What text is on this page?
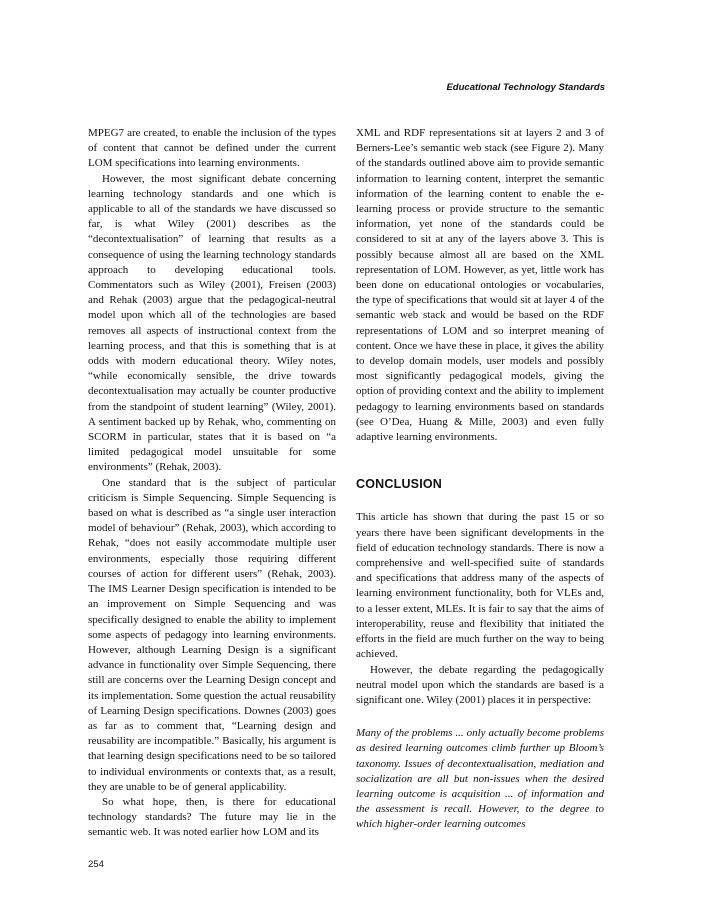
Educational Technology Standards

MPEG7 are created, to enable the inclusion of the types of content that cannot be defined under the current LOM specifications into learning environments.

However, the most significant debate concerning learning technology standards and one which is applicable to all of the standards we have discussed so far, is what Wiley (2001) describes as the “decontextualisation” of learning that results as a consequence of using the learning technology standards approach to developing educational tools. Commentators such as Wiley (2001), Freisen (2003) and Rehak (2003) argue that the pedagogical-neutral model upon which all of the technologies are based removes all aspects of instructional context from the learning process, and that this is something that is at odds with modern educational theory. Wiley notes, “while economically sensible, the drive towards decontextualisation may actually be counter productive from the standpoint of student learning” (Wiley, 2001). A sentiment backed up by Rehak, who, commenting on SCORM in particular, states that it is based on “a limited pedagogical model unsuitable for some environments” (Rehak, 2003).

One standard that is the subject of particular criticism is Simple Sequencing. Simple Sequencing is based on what is described as “a single user interaction model of behaviour” (Rehak, 2003), which according to Rehak, “does not easily accommodate multiple user environments, especially those requiring different courses of action for different users” (Rehak, 2003). The IMS Learner Design specification is intended to be an improvement on Simple Sequencing and was specifically designed to enable the ability to implement some aspects of pedagogy into learning environments. However, although Learning Design is a significant advance in functionality over Simple Sequencing, there still are concerns over the Learning Design concept and its implementation. Some question the actual reusability of Learning Design specifications. Downes (2003) goes as far as to comment that, “Learning design and reusability are incompatible.” Basically, his argument is that learning design specifications need to be so tailored to individual environments or contexts that, as a result, they are unable to be of general applicability.

So what hope, then, is there for educational technology standards? The future may lie in the semantic web. It was noted earlier how LOM and its

XML and RDF representations sit at layers 2 and 3 of Berners-Lee’s semantic web stack (see Figure 2). Many of the standards outlined above aim to provide semantic information to learning content, interpret the semantic information of the learning content to enable the e-learning process or provide structure to the semantic information, yet none of the standards could be considered to sit at any of the layers above 3. This is possibly because almost all are based on the XML representation of LOM. However, as yet, little work has been done on educational ontologies or vocabularies, the type of specifications that would sit at layer 4 of the semantic web stack and would be based on the RDF representations of LOM and so interpret meaning of content. Once we have these in place, it gives the ability to develop domain models, user models and possibly most significantly pedagogical models, giving the option of providing context and the ability to implement pedagogy to learning environments based on standards (see O’Dea, Huang & Mille, 2003) and even fully adaptive learning environments.

CONCLUSION

This article has shown that during the past 15 or so years there have been significant developments in the field of education technology standards. There is now a comprehensive and well-specified suite of standards and specifications that address many of the aspects of learning environment functionality, both for VLEs and, to a lesser extent, MLEs. It is fair to say that the aims of interoperability, reuse and flexibility that initiated the efforts in the field are much further on the way to being achieved.

However, the debate regarding the pedagogically neutral model upon which the standards are based is a significant one. Wiley (2001) places it in perspective:

Many of the problems ... only actually become problems as desired learning outcomes climb further up Bloom’s taxonomy. Issues of decontextualisation, mediation and socialization are all but non-issues when the desired learning outcome is acquisition ... of information and the assessment is recall. However, to the degree to which higher-order learning outcomes

254
